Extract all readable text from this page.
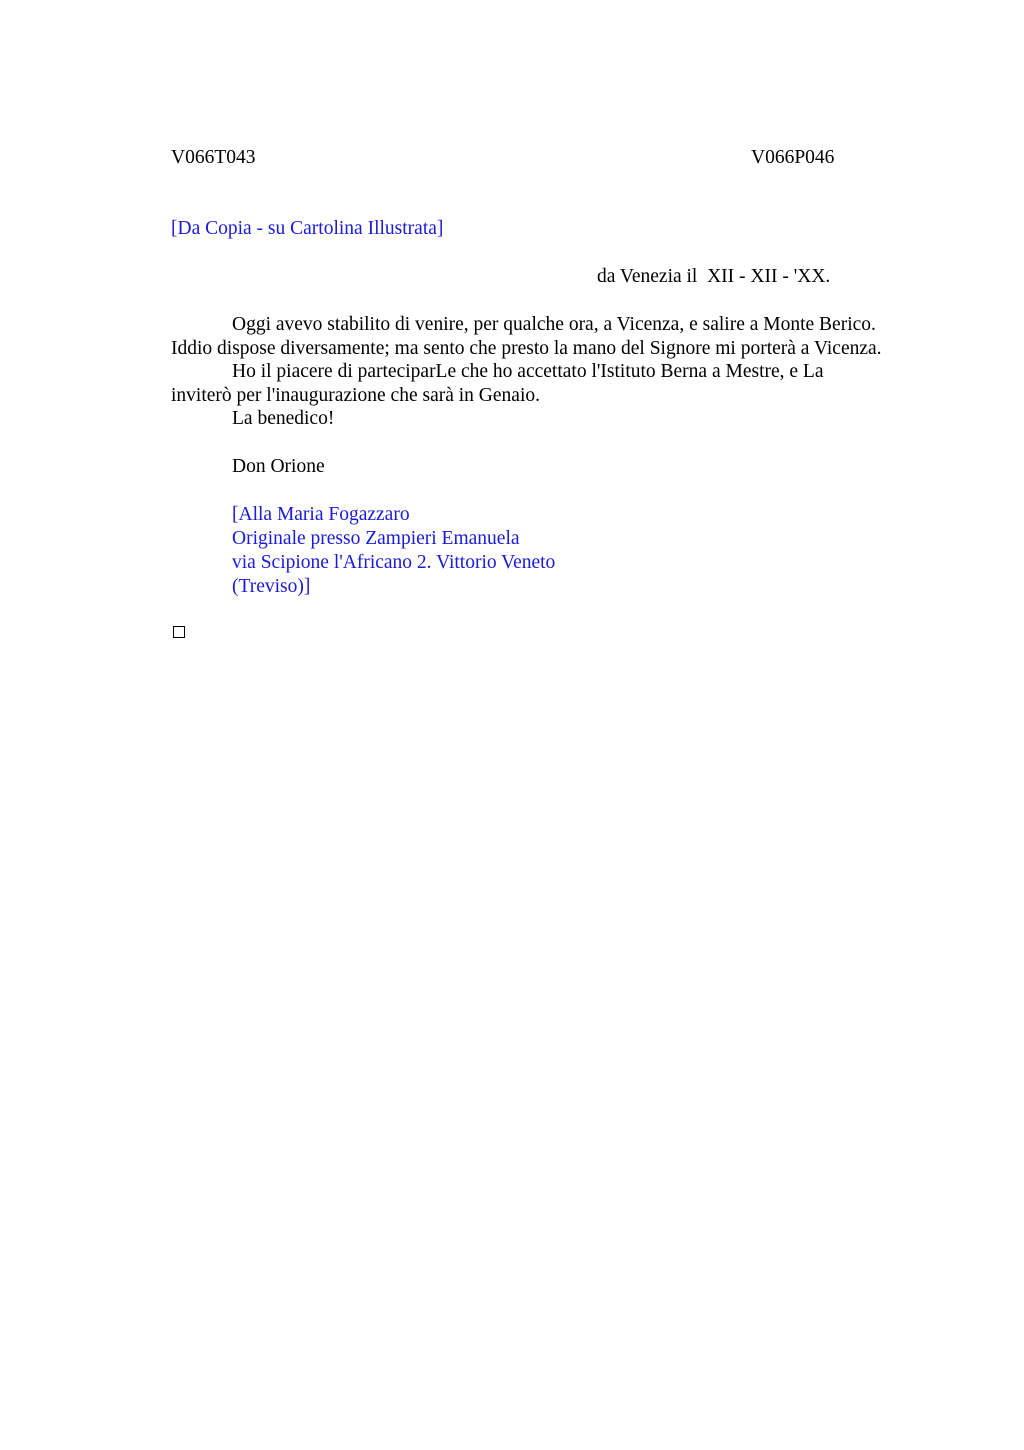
V066T043	V066P046
[Da Copia - su Cartolina Illustrata]
da Venezia il  XII - XII - 'XX.
Oggi avevo stabilito di venire, per qualche ora, a Vicenza, e salire a Monte Berico.
Iddio dispose diversamente; ma sento che presto la mano del Signore mi porterà a Vicenza.
Ho il piacere di parteciparLe che ho accettato l'Istituto Berna a Mestre, e La
inviterò per l'inaugurazione che sarà in Genaio.
La benedico!
Don Orione
[Alla Maria Fogazzaro
Originale presso Zampieri Emanuela
via Scipione l'Africano 2. Vittorio Veneto
(Treviso)]
